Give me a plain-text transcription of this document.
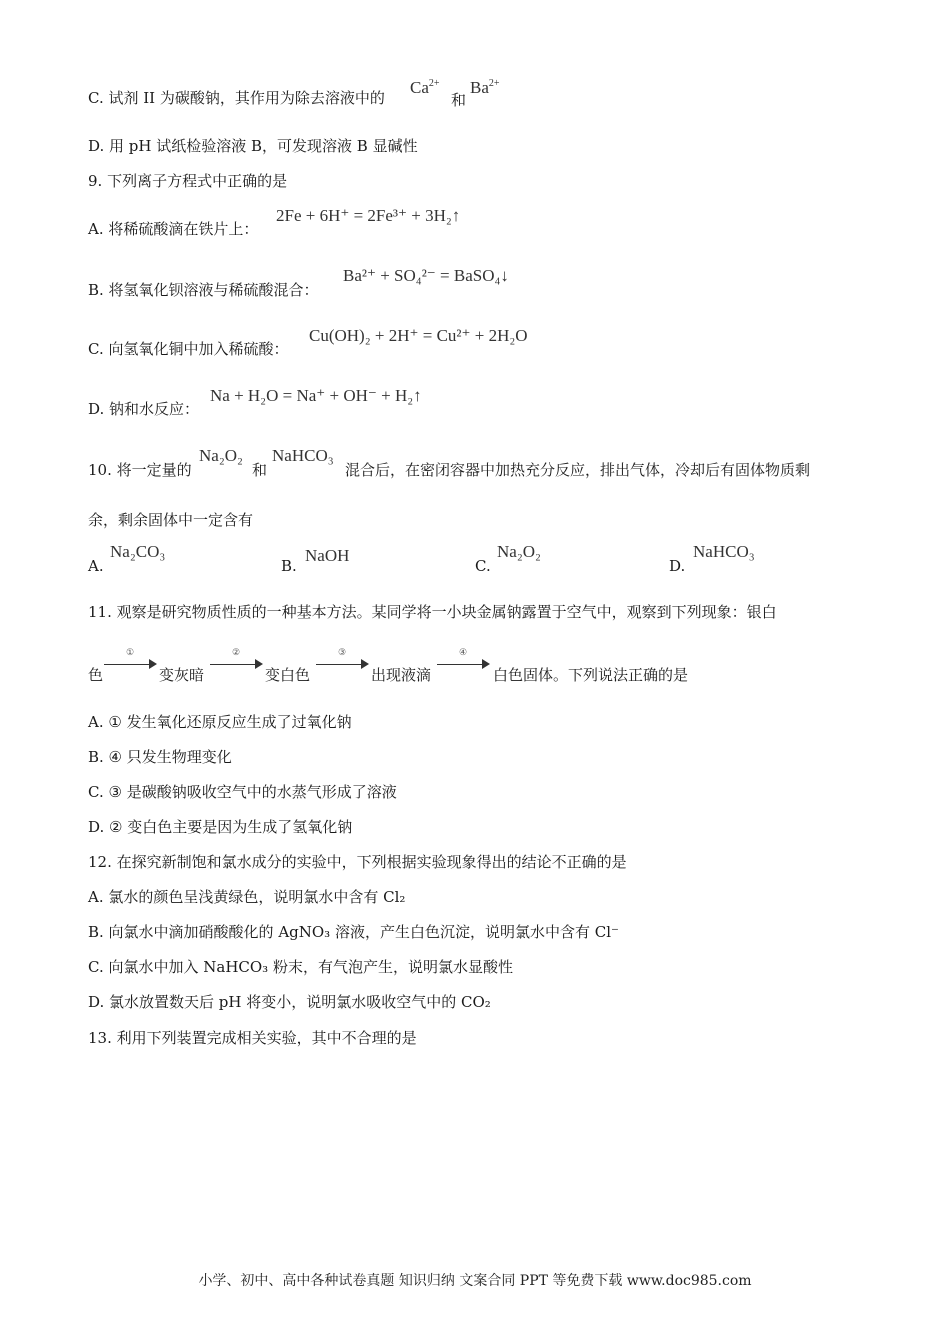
C. 试剂 II 为碳酸钠，其作用为除去溶液中的
$Ca^{2+}$
和
$Ba^{2+}$
D. 用 pH 试纸检验溶液 B，可发现溶液 B 显碱性
9. 下列离子方程式中正确的是
A. 将稀硫酸滴在铁片上：
2Fe + 6H⁺ = 2Fe³⁺ + 3H₂↑
B. 将氢氧化钡溶液与稀硫酸混合：
Ba²⁺ + SO₄²⁻ = BaSO₄↓
C. 向氢氧化铜中加入稀硫酸：
Cu(OH)₂ + 2H⁺ = Cu²⁺ + 2H₂O
D. 钠和水反应：
Na + H₂O = Na⁺ + OH⁻ + H₂↑
10. 将一定量的
Na₂O₂
和
NaHCO₃
混合后，在密闭容器中加热充分反应，排出气体，冷却后有固体物质剩
余，剩余固体中一定含有
A.
Na₂CO₃
B.
NaOH
C.
Na₂O₂
D.
NaHCO₃
11. 观察是研究物质性质的一种基本方法。某同学将一小块金属钠露置于空气中，观察到下列现象：银白
色
①
变灰暗
②
变白色
③
出现液滴
④
白色固体。下列说法正确的是
A. ① 发生氧化还原反应生成了过氧化钠
B. ④ 只发生物理变化
C. ③ 是碳酸钠吸收空气中的水蒸气形成了溶液
D. ② 变白色主要是因为生成了氢氧化钠
12. 在探究新制饱和氯水成分的实验中，下列根据实验现象得出的结论不正确的是
A. 氯水的颜色呈浅黄绿色，说明氯水中含有 Cl₂
B. 向氯水中滴加硝酸酸化的 AgNO₃ 溶液，产生白色沉淀，说明氯水中含有 Cl⁻
C. 向氯水中加入 NaHCO₃ 粉末，有气泡产生，说明氯水显酸性
D. 氯水放置数天后 pH 将变小，说明氯水吸收空气中的 CO₂
13. 利用下列装置完成相关实验，其中不合理的是
小学、初中、高中各种试卷真题 知识归纳 文案合同 PPT 等免费下载 www.doc985.com
